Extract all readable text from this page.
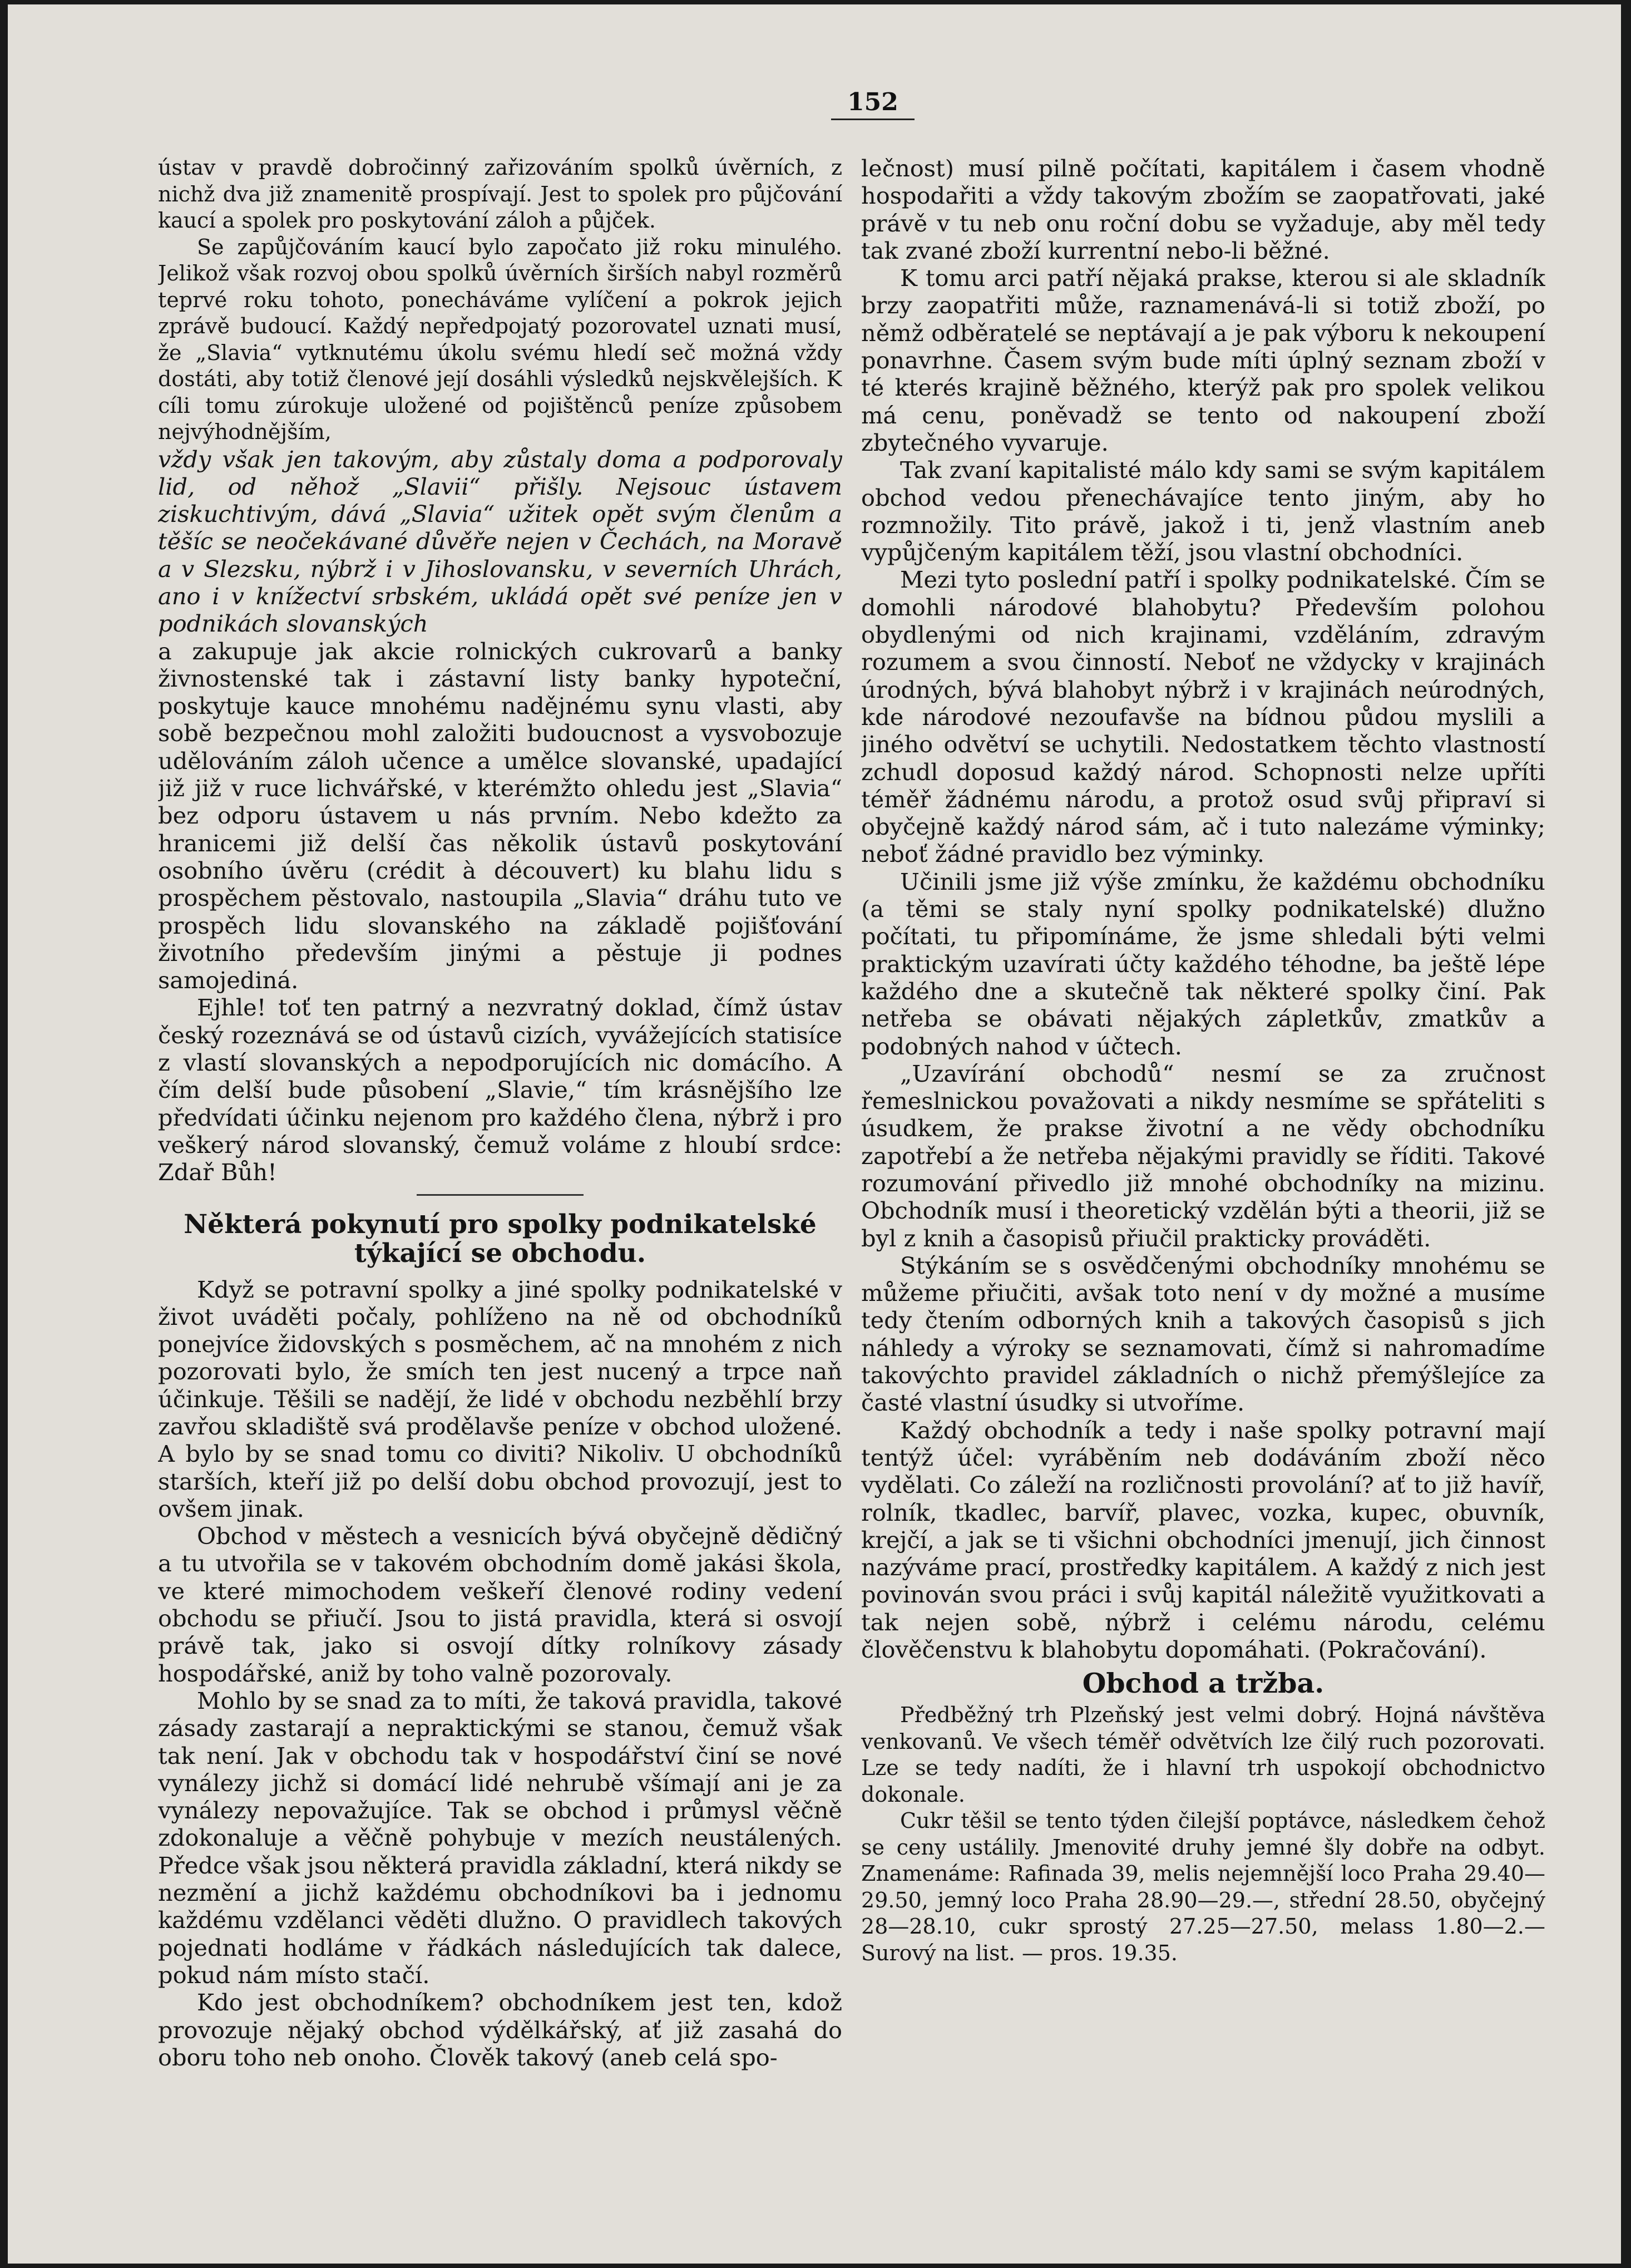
152

ústav v pravdě dobročinný zařizováním spolků úvěrních, z nichž dva již znamenitě prospívají. Jest to spolek pro půjčování kaucí a spolek pro poskytování záloh a půjček.

Se zapůjčováním kaucí bylo započato již roku minulého. Jelikož však rozvoj obou spolků úvěrních širších nabyl rozměrů teprvé roku tohoto, ponecháváme vylíčení a pokrok jejich zprávě budoucí. Každý nepředpojatý pozorovatel uznati musí, že „Slavia“ vytknutému úkolu svému hledí seč možná vždy dostáti, aby totiž členové její dosáhli výsledků nejskvělejších. K cíli tomu zúrokuje uložené od pojištěnců peníze způsobem nejvýhodnějším,

vždy však jen takovým, aby zůstaly doma a podporovaly lid, od něhož „Slavii“ přišly. Nejsouc ústavem ziskuchtivým, dává „Slavia“ užitek opět svým členům a těšíc se neočekávané důvěře nejen v Čechách, na Moravě a v Slezsku, nýbrž i v Jihoslovansku, v severních Uhrách, ano i v knížectví srbském, ukládá opět své peníze jen v podnikách slovanských

a zakupuje jak akcie rolnických cukrovarů a banky živnostenské tak i zástavní listy banky hypoteční, poskytuje kauce mnohému nadějnému synu vlasti, aby sobě bezpečnou mohl založiti budoucnost a vysvobozuje udělováním záloh učence a umělce slovanské, upadající již již v ruce lichvářské, v kterémžto ohledu jest „Slavia“ bez odporu ústavem u nás prvním. Nebo kdežto za hranicemi již delší čas několik ústavů poskytování osobního úvěru (crédit à découvert) ku blahu lidu s prospěchem pěstovalo, nastoupila „Slavia“ dráhu tuto ve prospěch lidu slovanského na základě pojišťování životního především jinými a pěstuje ji podnes samojediná.

Ejhle! toť ten patrný a nezvratný doklad, čímž ústav český rozeznává se od ústavů cizích, vyvážejících statisíce z vlastí slovanských a nepodporujících nic domácího. A čím delší bude působení „Slavie,“ tím krásnějšího lze předvídati účinku nejenom pro každého člena, nýbrž i pro veškerý národ slovanský, čemuž voláme z hloubí srdce: Zdař Bůh!

Některá pokynutí pro spolky podnikatelské týkající se obchodu.

Když se potravní spolky a jiné spolky podnikatelské v život uváděti počaly, pohlíženo na ně od obchodníků ponejvíce židovských s posměchem, ač na mnohém z nich pozorovati bylo, že smích ten jest nucený a trpce naň účinkuje. Těšili se nadějí, že lidé v obchodu nezběhlí brzy zavřou skladiště svá prodělavše peníze v obchod uložené. A bylo by se snad tomu co diviti? Nikoliv. U obchodníků starších, kteří již po delší dobu obchod provozují, jest to ovšem jinak.

Obchod v městech a vesnicích bývá obyčejně dědičný a tu utvořila se v takovém obchodním domě jakási škola, ve které mimochodem veškeří členové rodiny vedení obchodu se přiučí. Jsou to jistá pravidla, která si osvojí právě tak, jako si osvojí dítky rolníkovy zásady hospodářské, aniž by toho valně pozorovaly.

Mohlo by se snad za to míti, že taková pravidla, takové zásady zastarají a nepraktickými se stanou, čemuž však tak není. Jak v obchodu tak v hospodářství činí se nové vynálezy jichž si domácí lidé nehrubě všímají ani je za vynálezy nepovažujíce. Tak se obchod i průmysl věčně zdokonaluje a věčně pohybuje v mezích neustálených. Předce však jsou některá pravidla základní, která nikdy se nezmění a jichž každému obchodníkovi ba i jednomu každému vzdělanci věděti dlužno. O pravidlech takových pojednati hodláme v řádkách následujících tak dalece, pokud nám místo stačí.

Kdo jest obchodníkem? obchodníkem jest ten, kdož provozuje nějaký obchod výdělkářský, ať již zasahá do oboru toho neb onoho. Člověk takový (aneb celá spo-

lečnost) musí pilně počítati, kapitálem i časem vhodně hospodařiti a vždy takovým zbožím se zaopatřovati, jaké právě v tu neb onu roční dobu se vyžaduje, aby měl tedy tak zvané zboží kurrentní nebo-li běžné.

K tomu arci patří nějaká prakse, kterou si ale skladník brzy zaopatřiti může, raznamenává-li si totiž zboží, po němž odběratelé se neptávají a je pak výboru k nekoupení ponavrhne. Časem svým bude míti úplný seznam zboží v té kterés krajině běžného, kterýž pak pro spolek velikou má cenu, poněvadž se tento od nakoupení zboží zbytečného vyvaruje.

Tak zvaní kapitalisté málo kdy sami se svým kapitálem obchod vedou přenechávajíce tento jiným, aby ho rozmnožily. Tito právě, jakož i ti, jenž vlastním aneb vypůjčeným kapitálem těží, jsou vlastní obchodníci.

Mezi tyto poslední patří i spolky podnikatelské. Čím se domohli národové blahobytu? Především polohou obydlenými od nich krajinami, vzděláním, zdravým rozumem a svou činností. Neboť ne vždycky v krajinách úrodných, bývá blahobyt nýbrž i v krajinách neúrodných, kde národové nezoufavše na bídnou půdou myslili a jiného odvětví se uchytili. Nedostatkem těchto vlastností zchudl doposud každý národ. Schopnosti nelze upříti téměř žádnému národu, a protož osud svůj připraví si obyčejně každý národ sám, ač i tuto nalezáme výminky; neboť žádné pravidlo bez výminky.

Učinili jsme již výše zmínku, že každému obchodníku (a těmi se staly nyní spolky podnikatelské) dlužno počítati, tu připomínáme, že jsme shledali býti velmi praktickým uzavírati účty každého téhodne, ba ještě lépe každého dne a skutečně tak některé spolky činí. Pak netřeba se obávati nějakých zápletkův, zmatkův a podobných nahod v účtech.

„Uzavírání obchodů“ nesmí se za zručnost řemeslnickou považovati a nikdy nesmíme se spřáteliti s úsudkem, že prakse životní a ne vědy obchodníku zapotřebí a že netřeba nějakými pravidly se říditi. Takové rozumování přivedlo již mnohé obchodníky na mizinu. Obchodník musí i theoretický vzdělán býti a theorii, již se byl z knih a časopisů přiučil prakticky prováděti.

Stýkáním se s osvědčenými obchodníky mnohému se můžeme přiučiti, avšak toto není v dy možné a musíme tedy čtením odborných knih a takových časopisů s jich náhledy a výroky se seznamovati, čímž si nahromadíme takovýchto pravidel základních o nichž přemýšlejíce za časté vlastní úsudky si utvoříme.

Každý obchodník a tedy i naše spolky potravní mají tentýž účel: vyráběním neb dodáváním zboží něco vydělati. Co záleží na rozličnosti provolání? ať to již havíř, rolník, tkadlec, barvíř, plavec, vozka, kupec, obuvník, krejčí, a jak se ti všichni obchodníci jmenují, jich činnost nazýváme prací, prostředky kapitálem. A každý z nich jest povinován svou práci i svůj kapitál náležitě využitkovati a tak nejen sobě, nýbrž i celému národu, celému člověčenstvu k blahobytu dopomáhati. (Pokračování).

Obchod a tržba.

Předběžný trh Plzeňský jest velmi dobrý. Hojná návštěva venkovanů. Ve všech téměř odvětvích lze čilý ruch pozorovati. Lze se tedy nadíti, že i hlavní trh uspokojí obchodnictvo dokonale.

Cukr těšil se tento týden čilejší poptávce, následkem čehož se ceny ustálily. Jmenovité druhy jemné šly dobře na odbyt. Znamenáme: Rafinada 39, melis nejemnější loco Praha 29.40—29.50, jemný loco Praha 28.90—29.—, střední 28.50, obyčejný 28—28.10, cukr sprostý 27.25—27.50, melass 1.80—2.— Surový na list. — pros. 19.35.
